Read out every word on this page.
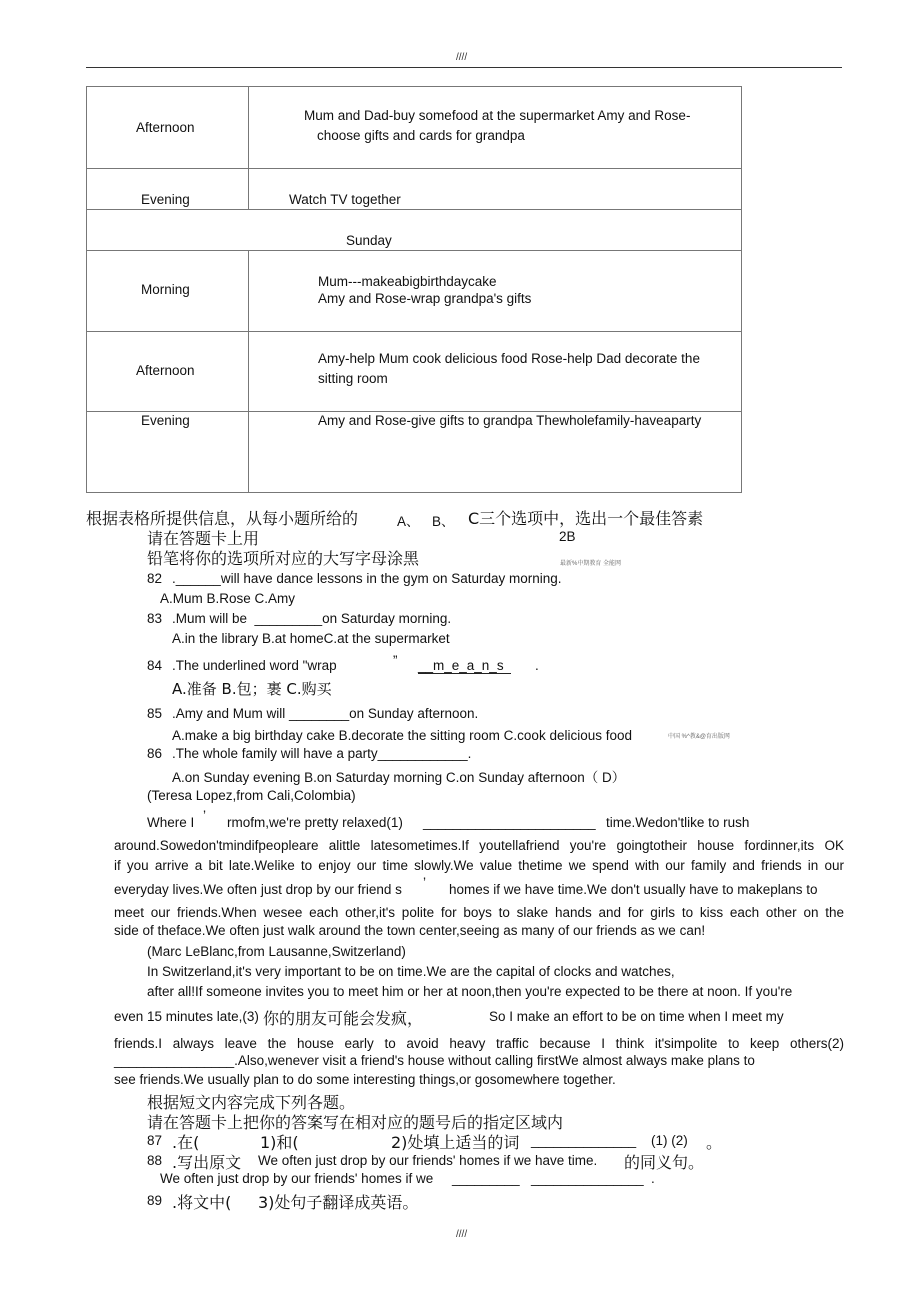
////
Afternoon	Mum and Dad-buy somefood at the supermarket Amy and Rose-
choose gifts and cards for grandpa

Evening	Watch TV together

Sunday	

Morning	Mum---makeabigbirthdaycake
Amy and Rose-wrap grandpa's gifts

Afternoon	Amy-help Mum cook delicious food Rose-help Dad decorate the
sitting room

Evening	Amy and Rose-give gifts to grandpa Thewholefamily-haveaparty
根据表格所提供信息，从每小题所给的	A、 B、 C三个选项中，选出一个最佳答素
请在答题卡上用	2B
铅笔将你的选项所对应的大写字母涂黑	最新%中期教育 全能网
82 .______will have dance lessons in the gym on Saturday morning.
A.Mum B.Rose C.Amy
83 .Mum will be _________on Saturday morning.
A.in the library B.at homeC.at the supermarket
84 .The underlined word "wrap	” __m_e_a_n_s .
A.准备 B.包；裹 C.购买
85 .Amy and Mum will ________on Sunday afternoon.
A.make a big birthday cake B.decorate the sitting room C.cook delicious food	中国 %^教&@育出版网
86 .The whole family will have a party____________.
A.on Sunday evening B.on Saturday morning C.on Sunday afternoon（ D）
(Teresa Lopez,from Cali,Colombia)
Where I ’ rmofm,we're pretty relaxed(1) _______________________ time.Wedon'tlike to rush
around.Sowedon'tmindifpeopleare alittle latesometimes.If youtellafriend you're goingtotheir house fordinner,its OK
if you arrive a bit late.Welike to enjoy our time slowly.We value thetime we spend with our family and friends in our
everyday lives.We often just drop by our friend s ’ homes if we have time.We don't usually have to makeplans to
meet our friends.When wesee each other,it's polite for boys to slake hands and for girls to kiss each other on the
side of theface.We often just walk around the town center,seeing as many of our friends as we can!
(Marc LeBlanc,from Lausanne,Switzerland)
In Switzerland,it's very important to be on time.We are the capital of clocks and watches,
after all!If someone invites you to meet him or her at noon,then you're expected to be there at noon. If you're
even 15 minutes late,(3) 你的朋友可能会发疯，	So I make an effort to be on time when I meet my
friends.I always leave the house early to avoid heavy traffic because I think it'simpolite to keep others(2)
________________.Also,wenever visit a friend's house without calling firstWe almost always make plans to
see friends.We usually plan to do some interesting things,or gosomewhere together.
根据短文内容完成下列各题。
请在答题卡上把你的答案写在相对应的题号后的指定区域内
87 .在(	1)和(	2)处填上适当的词 ______________ (1) (2) 。
88 .写出原文 We often just drop by our friends' homes if we have time. 的同义句。
We often just drop by our friends' homes if we _________ _______________ .
89 .将文中( 3)处句子翻译成英语。
////
